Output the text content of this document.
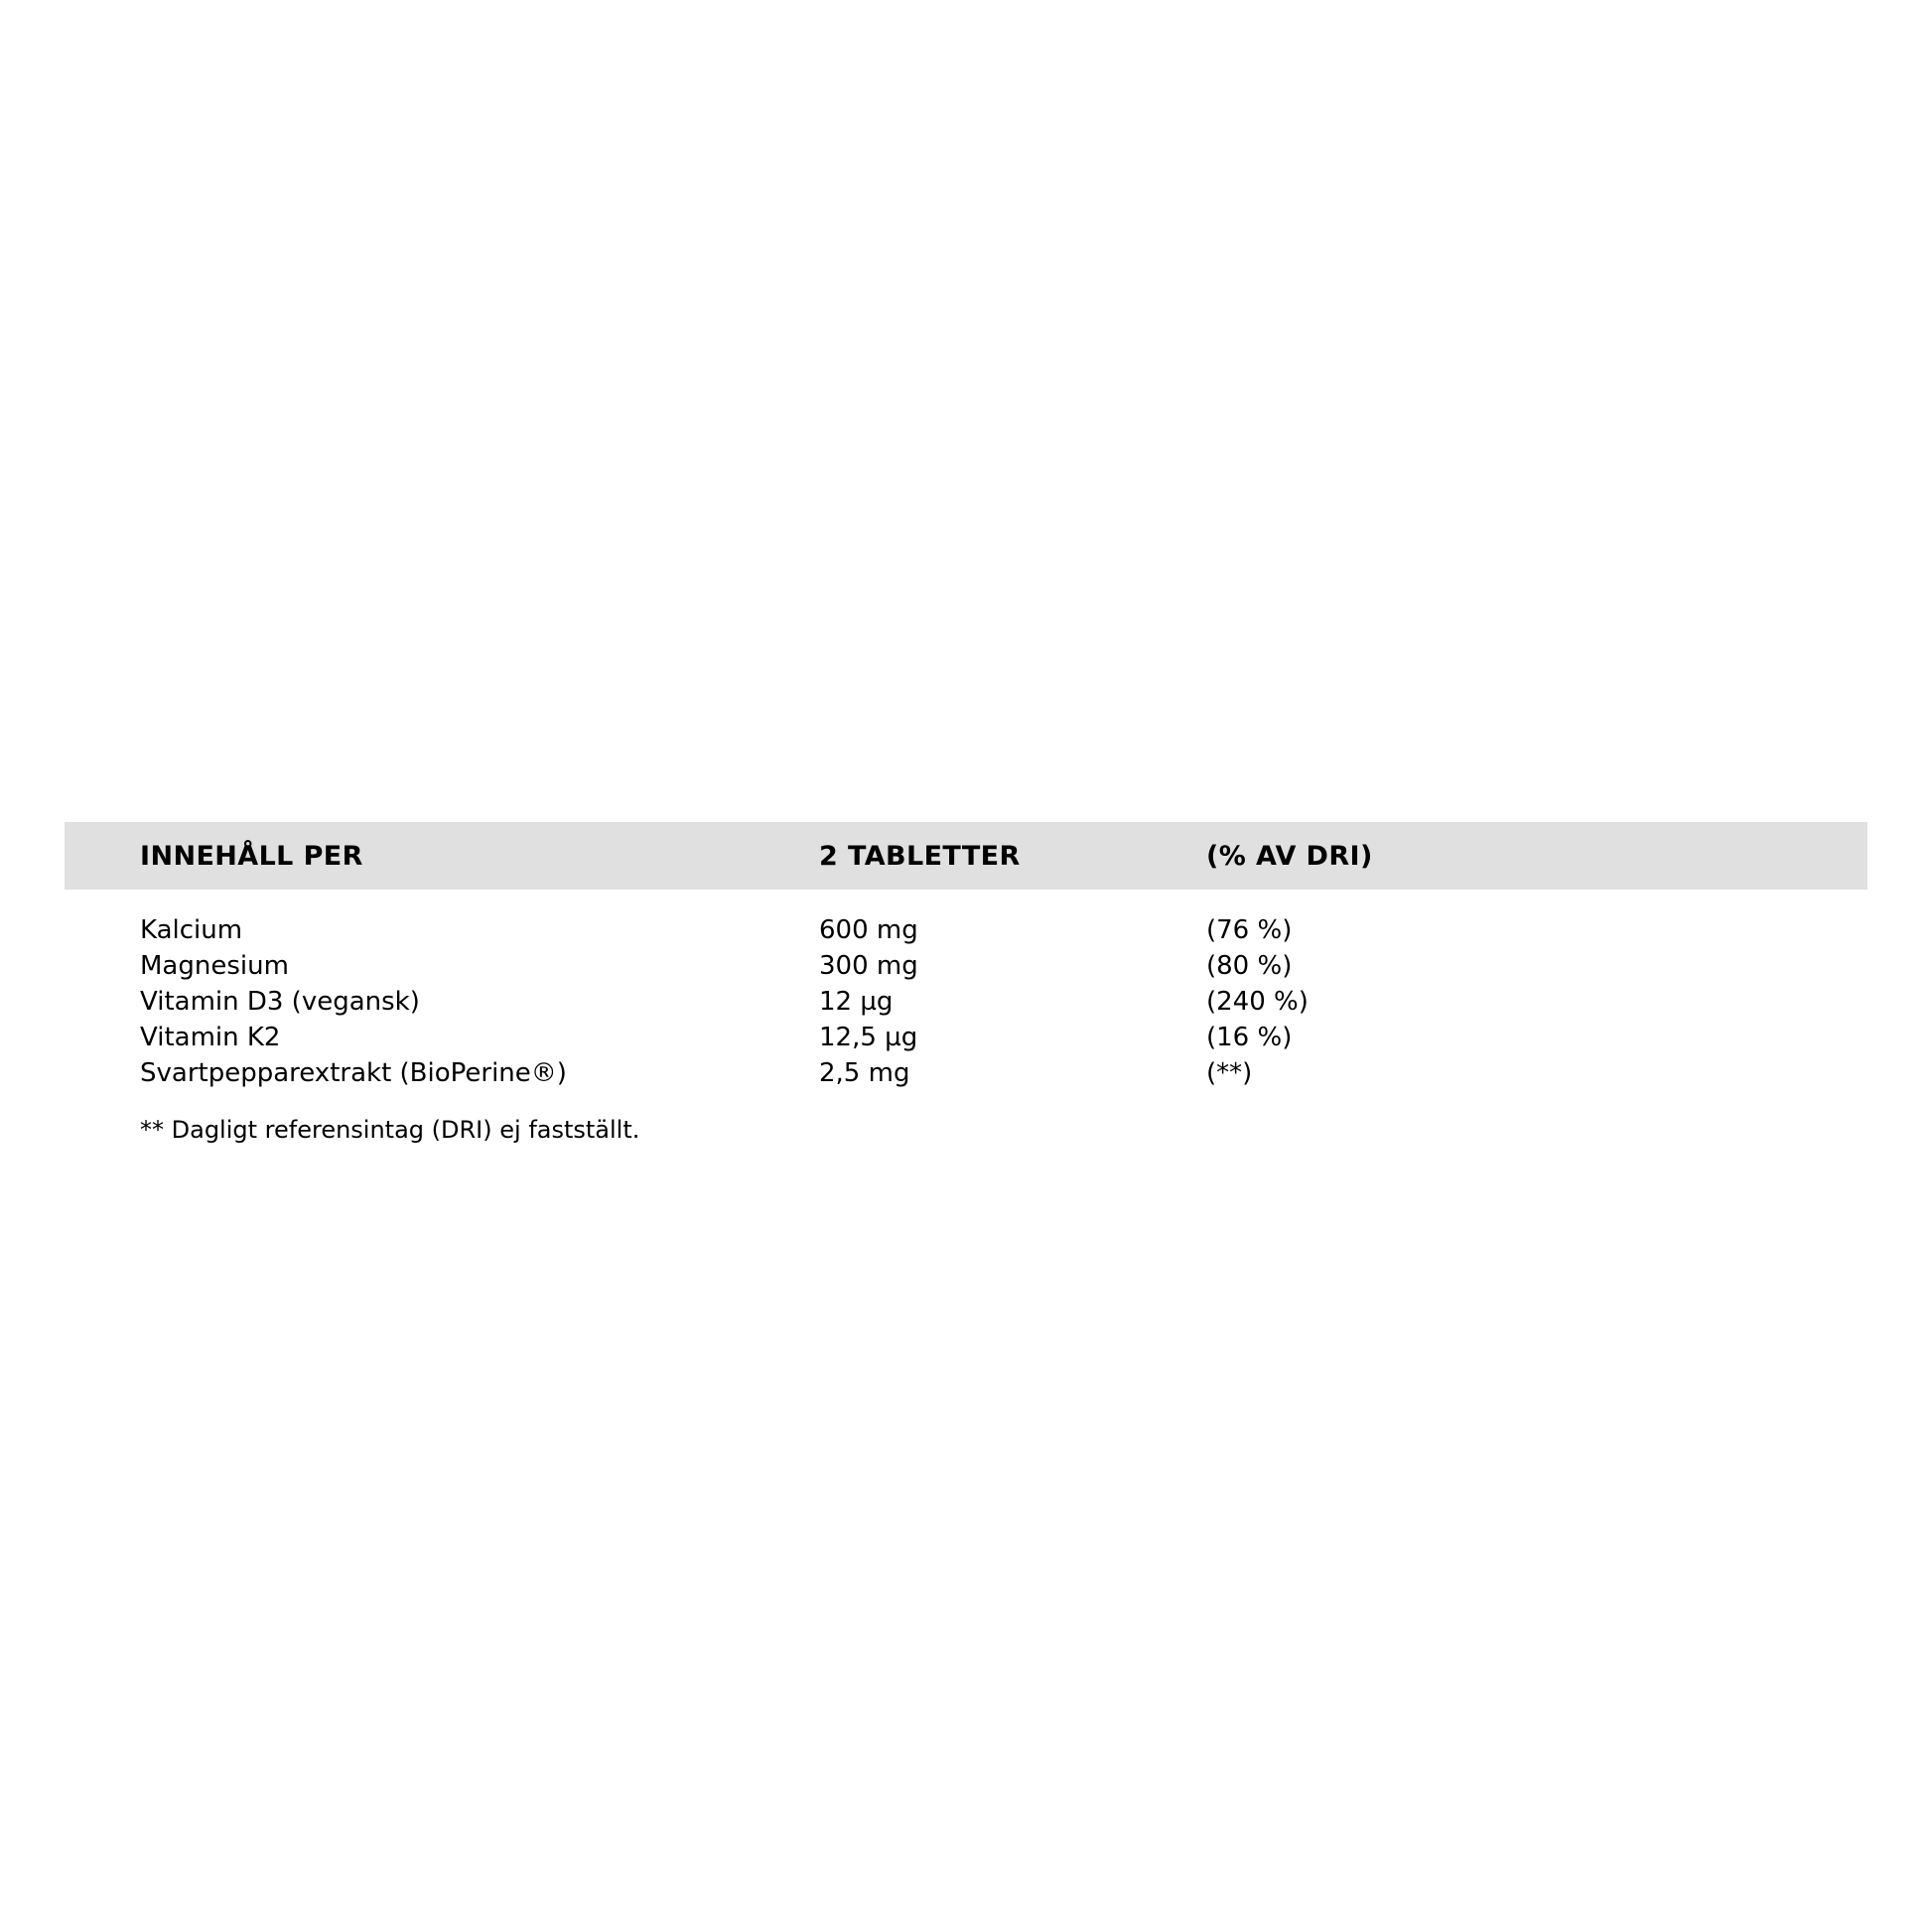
INNEHÅLL PER	2 TABLETTER	(% AV DRI)
Kalcium	600 mg	(76 %)
Magnesium	300 mg	(80 %)
Vitamin D3 (vegansk)	12 µg	(240 %)
Vitamin K2	12,5 µg	(16 %)
Svartpepparextrakt (BioPerine®)	2,5 mg	(**)
** Dagligt referensintag (DRI) ej fastställt.
